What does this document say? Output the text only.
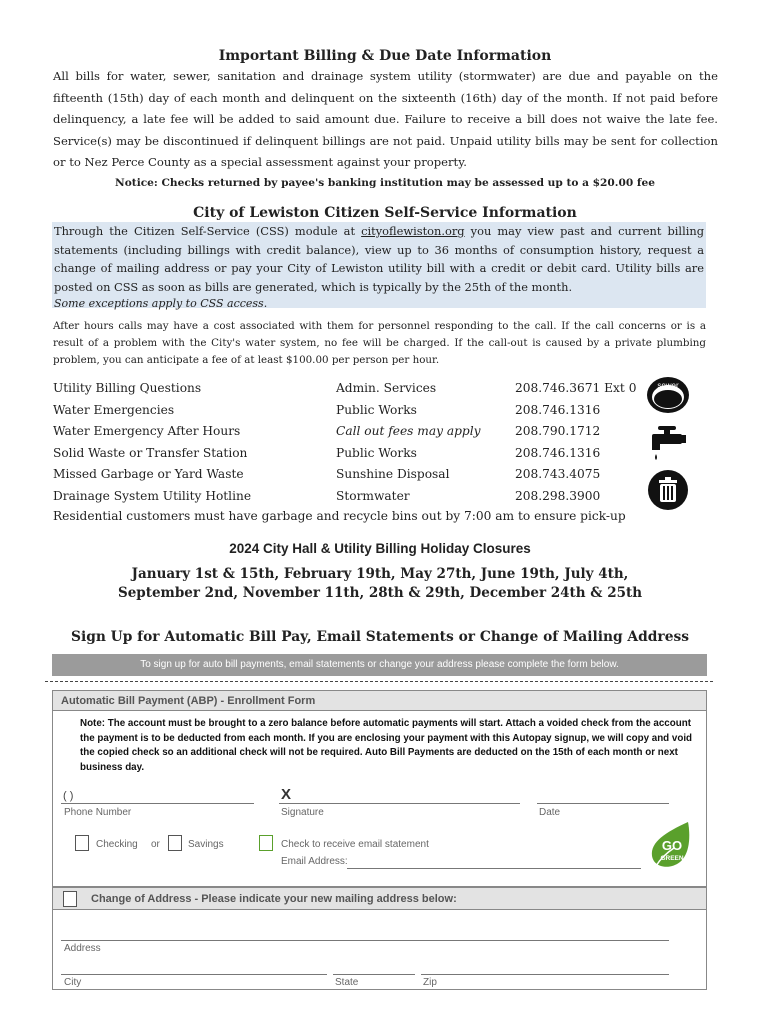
Important Billing & Due Date Information
All bills for water, sewer, sanitation and drainage system utility (stormwater) are due and payable on the fifteenth (15th) day of each month and delinquent on the sixteenth (16th) day of the month. If not paid before delinquency, a late fee will be added to said amount due. Failure to receive a bill does not waive the late fee. Service(s) may be discontinued if delinquent billings are not paid. Unpaid utility bills may be sent for collection or to Nez Perce County as a special assessment against your property.
Notice: Checks returned by payee's banking institution may be assessed up to a $20.00 fee
City of Lewiston Citizen Self-Service Information
Through the Citizen Self-Service (CSS) module at cityoflewiston.org you may view past and current billing statements (including billings with credit balance), view up to 36 months of consumption history, request a change of mailing address or pay your City of Lewiston utility bill with a credit or debit card. Utility bills are posted on CSS as soon as bills are generated, which is typically by the 25th of the month.
Some exceptions apply to CSS access.
After hours calls may have a cost associated with them for personnel responding to the call. If the call concerns or is a result of a problem with the City's water system, no fee will be charged. If the call-out is caused by a private plumbing problem, you can anticipate a fee of at least $100.00 per person per hour.
Utility Billing Questions	Admin. Services	208.746.3671 Ext 0
Water Emergencies	Public Works	208.746.1316
Water Emergency After Hours	Call out fees may apply	208.790.1712
Solid Waste or Transfer Station	Public Works	208.746.1316
Missed Garbage or Yard Waste	Sunshine Disposal	208.743.4075
Drainage System Utility Hotline	Stormwater	208.298.3900
Residential customers must have garbage and recycle bins out by 7:00 am to ensure pick-up
sewer
2024 City Hall & Utility Billing Holiday Closures
January 1st & 15th, February 19th, May 27th, June 19th, July 4th,
September 2nd, November 11th, 28th & 29th, December 24th & 25th
Sign Up for Automatic Bill Pay, Email Statements or Change of Mailing Address
To sign up for auto bill payments, email statements or change your address please complete the form below.
Automatic Bill Payment (ABP) - Enrollment Form
Note: The account must be brought to a zero balance before automatic payments will start. Attach a voided check from the account the payment is to be deducted from each month. If you are enclosing your payment with this Autopay signup, we will copy and void the copied check so an additional check will not be required. Auto Bill Payments are deducted on the 15th of each month or next business day.
( )
Phone Number
X
Signature	Date
Checking or	Savings	Check to receive email statement
Email Address:
Change of Address - Please indicate your new mailing address below:
Address
City	State	Zip
GO
GREEN
